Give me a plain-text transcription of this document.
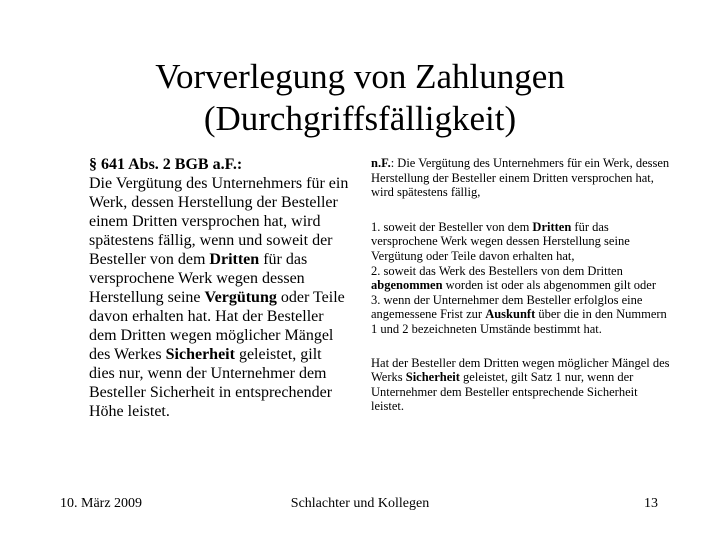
Vorverlegung von Zahlungen
(Durchgriffsfälligkeit)

§ 641 Abs. 2 BGB a.F.:
Die Vergütung des Unternehmers für ein Werk, dessen Herstellung der Besteller einem Dritten versprochen hat, wird spätestens fällig, wenn und soweit der Besteller von dem Dritten für das versprochene Werk wegen dessen Herstellung seine Vergütung oder Teile davon erhalten hat. Hat der Besteller dem Dritten wegen möglicher Mängel des Werkes Sicherheit geleistet, gilt dies nur, wenn der Unternehmer dem Besteller Sicherheit in entsprechender Höhe leistet.

n.F.: Die Vergütung des Unternehmers für ein Werk, dessen Herstellung der Besteller einem Dritten versprochen hat, wird spätestens fällig,

1. soweit der Besteller von dem Dritten für das versprochene Werk wegen dessen Herstellung seine Vergütung oder Teile davon erhalten hat,
2. soweit das Werk des Bestellers von dem Dritten abgenommen worden ist oder als abgenommen gilt oder
3. wenn der Unternehmer dem Besteller erfolglos eine angemessene Frist zur Auskunft über die in den Nummern 1 und 2 bezeichneten Umstände bestimmt hat.

Hat der Besteller dem Dritten wegen möglicher Mängel des Werks Sicherheit geleistet, gilt Satz 1 nur, wenn der Unternehmer dem Besteller entsprechende Sicherheit leistet.

10. März 2009	Schlachter und Kollegen	13
